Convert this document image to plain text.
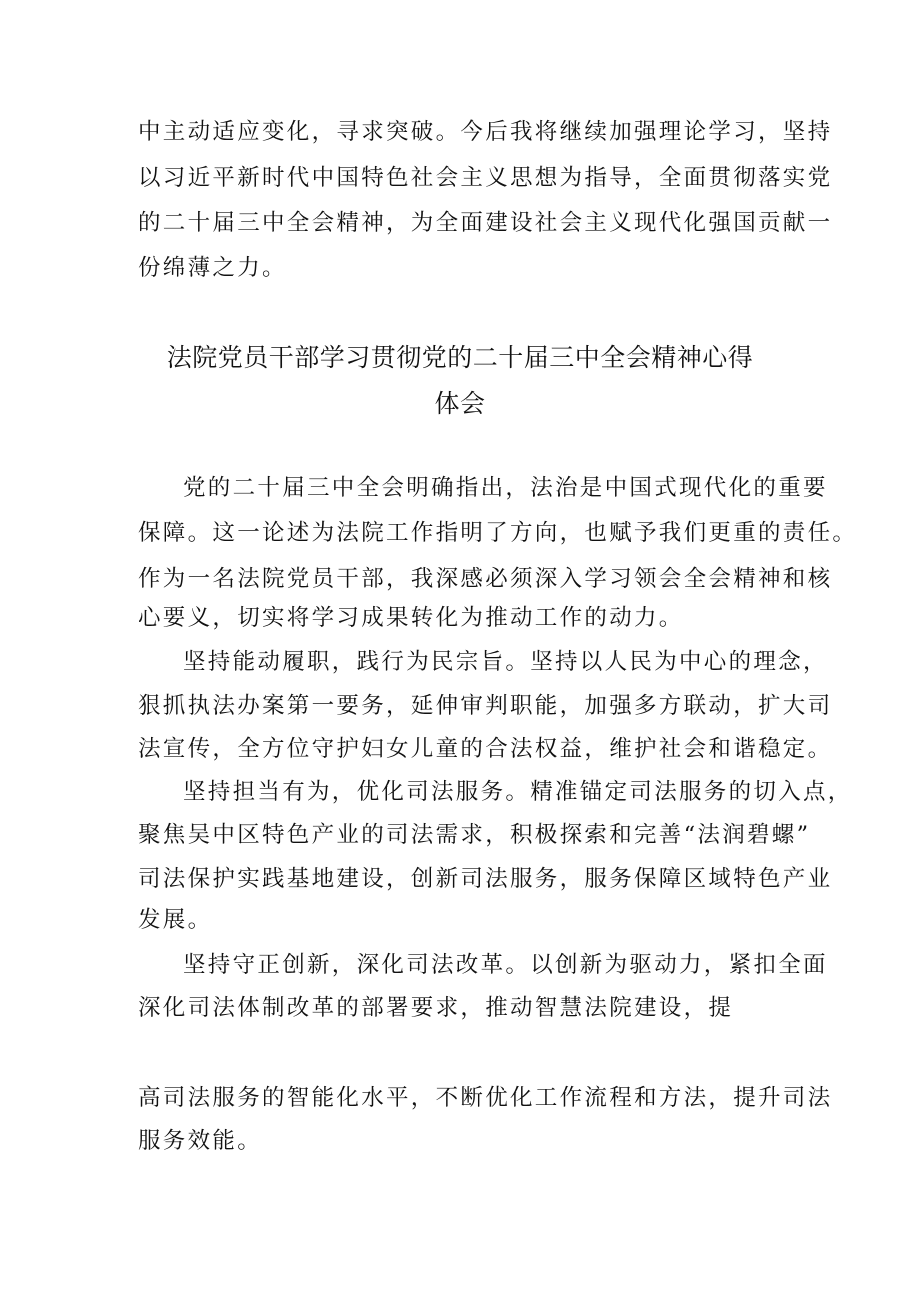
中主动适应变化，寻求突破。今后我将继续加强理论学习，坚持
以习近平新时代中国特色社会主义思想为指导，全面贯彻落实党
的二十届三中全会精神，为全面建设社会主义现代化强国贡献一
份绵薄之力。
法院党员干部学习贯彻党的二十届三中全会精神心得
体会
党的二十届三中全会明确指出，法治是中国式现代化的重要
保障。这一论述为法院工作指明了方向，也赋予我们更重的责任。
作为一名法院党员干部，我深感必须深入学习领会全会精神和核
心要义，切实将学习成果转化为推动工作的动力。
坚持能动履职，践行为民宗旨。坚持以人民为中心的理念，
狠抓执法办案第一要务，延伸审判职能，加强多方联动，扩大司
法宣传，全方位守护妇女儿童的合法权益，维护社会和谐稳定。
坚持担当有为，优化司法服务。精准锚定司法服务的切入点，
聚焦吴中区特色产业的司法需求，积极探索和完善“法润碧螺”
司法保护实践基地建设，创新司法服务，服务保障区域特色产业
发展。
坚持守正创新，深化司法改革。以创新为驱动力，紧扣全面
深化司法体制改革的部署要求，推动智慧法院建设，提
高司法服务的智能化水平，不断优化工作流程和方法，提升司法
服务效能。
